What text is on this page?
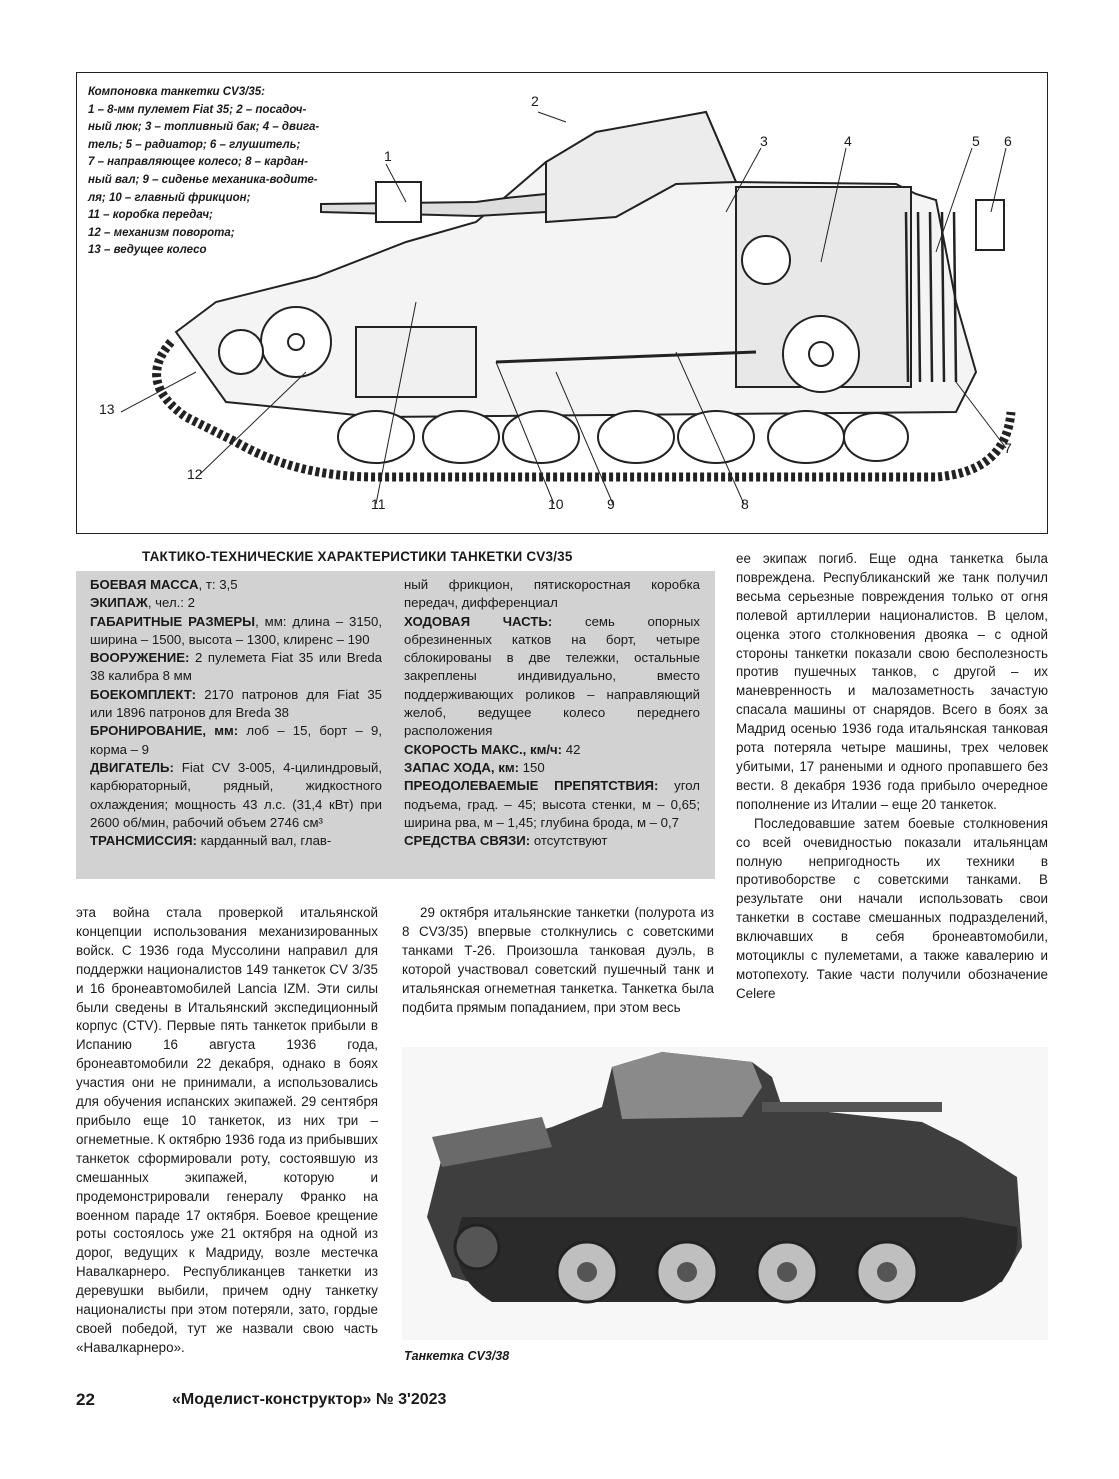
Компоновка танкетки CV3/35:
1 – 8-мм пулемет Fiat 35; 2 – посадоч-
ный люк; 3 – топливный бак; 4 – двига-
тель; 5 – радиатор; 6 – глушитель;
7 – направляющее колесо; 8 – кардан-
ный вал; 9 – сиденье механика-водите-
ля; 10 – главный фрикцион;
11 – коробка передач;
12 – механизм поворота;
13 – ведущее колесо
1
2
3	4	5 6
7
8
9
10
11
12
13
ТАКТИКО-ТЕХНИЧЕСКИЕ ХАРАКТЕРИСТИКИ ТАНКЕТКИ CV3/35

БОЕВАЯ МАССА, т: 3,5

ЭКИПАЖ, чел.: 2

ГАБАРИТНЫЕ РАЗМЕРЫ, мм: длина – 3150, ширина – 1500, высота – 1300, клиренс – 190

ВООРУЖЕНИЕ: 2 пулемета Fiat 35 или Breda 38 калибра 8 мм

БОЕКОМПЛЕКТ: 2170 патронов для Fiat 35 или 1896 патронов для Breda 38

БРОНИРОВАНИЕ, мм: лоб – 15, борт – 9, корма – 9

ДВИГАТЕЛЬ: Fiat CV 3-005, 4-цилиндровый, карбюраторный, рядный, жидкостного охлаждения; мощность 43 л.с. (31,4 кВт) при 2600 об/мин, рабочий объем 2746 см³

ТРАНСМИССИЯ: карданный вал, глав-

ный фрикцион, пятискоростная коробка передач, дифференциал

ХОДОВАЯ ЧАСТЬ: семь опорных обрезиненных катков на борт, четыре сблокированы в две тележки, остальные закреплены индивидуально, вместо поддерживающих роликов – направляющий желоб, ведущее колесо переднего расположения

СКОРОСТЬ МАКС., км/ч: 42

ЗАПАС ХОДА, км: 150

ПРЕОДОЛЕВАЕМЫЕ ПРЕПЯТСТВИЯ: угол подъема, град. – 45; высота стенки, м – 0,65; ширина рва, м – 1,45; глубина брода, м – 0,7

СРЕДСТВА СВЯЗИ: отсутствуют

эта война стала проверкой итальянской концепции использования механизированных войск. С 1936 года Муссолини направил для поддержки националистов 149 танкеток CV 3/35 и 16 бронеавтомобилей Lancia IZM. Эти силы были сведены в Итальянский экспедиционный корпус (CTV). Первые пять танкеток прибыли в Испанию 16 августа 1936 года, бронеавтомобили 22 декабря, однако в боях участия они не принимали, а использовались для обучения испанских экипажей. 29 сентября прибыло еще 10 танкеток, из них три – огнеметные. К октябрю 1936 года из прибывших танкеток сформировали роту, состоявшую из смешанных экипажей, которую и продемонстрировали генералу Франко на военном параде 17 октября. Боевое крещение роты состоялось уже 21 октября на одной из дорог, ведущих к Мадриду, возле местечка Навалкарнеро. Республиканцев танкетки из деревушки выбили, причем одну танкетку националисты при этом потеряли, зато, гордые своей победой, тут же назвали свою часть «Навалкарнеро».

29 октября итальянские танкетки (полурота из 8 CV3/35) впервые столкнулись с советскими танками Т-26. Произошла танковая дуэль, в которой участвовал советский пушечный танк и итальянская огнеметная танкетка. Танкетка была подбита прямым попаданием, при этом весь

ее экипаж погиб. Еще одна танкетка была повреждена. Республиканский же танк получил весьма серьезные повреждения только от огня полевой артиллерии националистов. В целом, оценка этого столкновения двояка – с одной стороны танкетки показали свою бесполезность против пушечных танков, с другой – их маневренность и малозаметность зачастую спасала машины от снарядов. Всего в боях за Мадрид осенью 1936 года итальянская танковая рота потеряла четыре машины, трех человек убитыми, 17 ранеными и одного пропавшего без вести. 8 декабря 1936 года прибыло очередное пополнение из Италии – еще 20 танкеток.

Последовавшие затем боевые столкновения со всей очевидностью показали итальянцам полную непригодность их техники в противоборстве с советскими танками. В результате они начали использовать свои танкетки в составе смешанных подразделений, включавших в себя бронеавтомобили, мотоциклы с пулеметами, а также кавалерию и мотопехоту. Такие части получили обозначение Celere

Танкетка CV3/38
22	«Моделист-конструктор» № 3'2023
